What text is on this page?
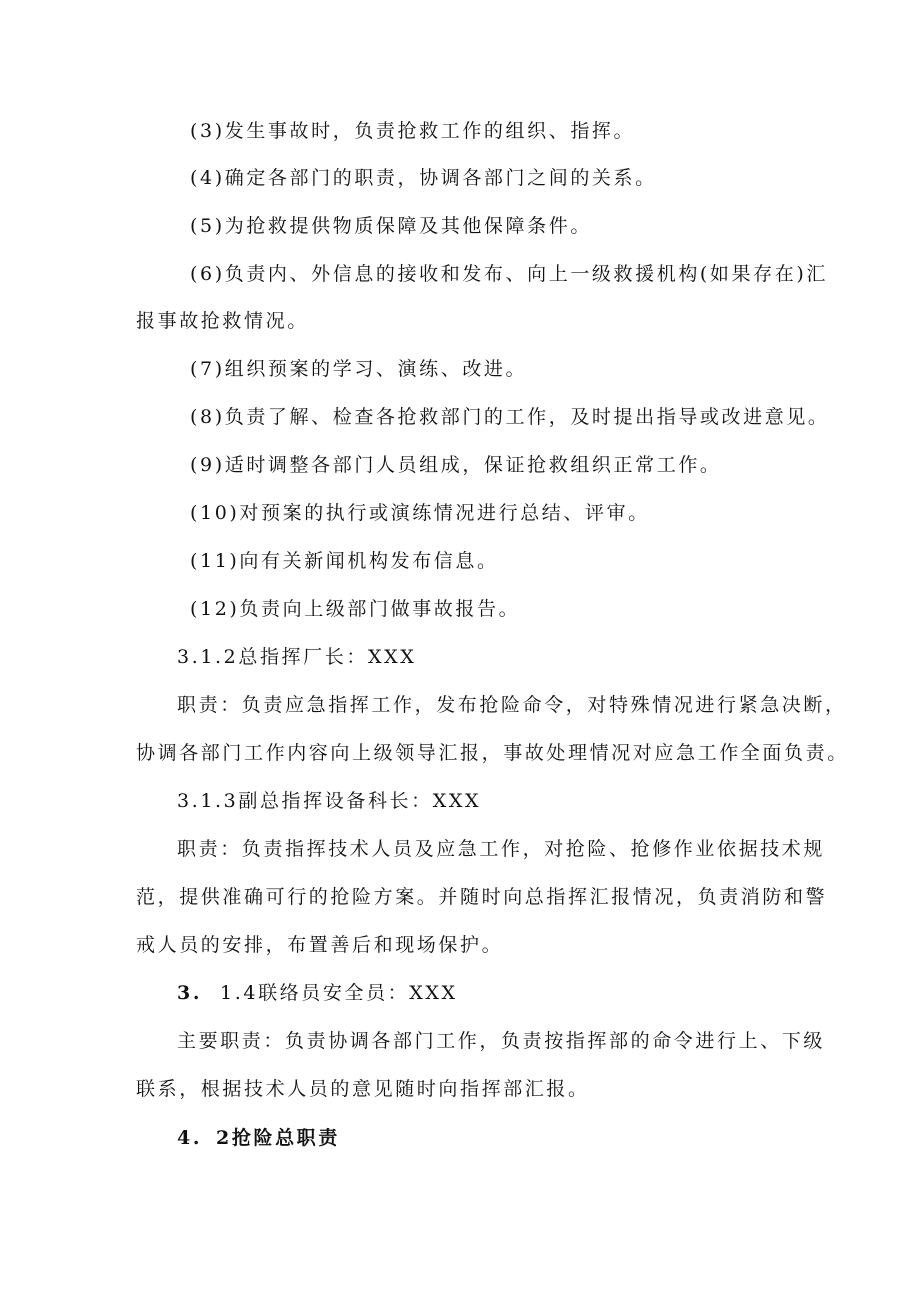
(3)发生事故时，负责抢救工作的组织、指挥。
(4)确定各部门的职责，协调各部门之间的关系。
(5)为抢救提供物质保障及其他保障条件。
(6)负责内、外信息的接收和发布、向上一级救援机构(如果存在)汇
报事故抢救情况。
(7)组织预案的学习、演练、改进。
(8)负责了解、检查各抢救部门的工作，及时提出指导或改进意见。
(9)适时调整各部门人员组成，保证抢救组织正常工作。
(10)对预案的执行或演练情况进行总结、评审。
(11)向有关新闻机构发布信息。
(12)负责向上级部门做事故报告。
3.1.2总指挥厂长：XXX
职责：负责应急指挥工作，发布抢险命令，对特殊情况进行紧急决断，
协调各部门工作内容向上级领导汇报，事故处理情况对应急工作全面负责。
3.1.3副总指挥设备科长：XXX
职责：负责指挥技术人员及应急工作，对抢险、抢修作业依据技术规
范，提供准确可行的抢险方案。并随时向总指挥汇报情况，负责消防和警
戒人员的安排，布置善后和现场保护。
3. 1.4联络员安全员：XXX
主要职责：负责协调各部门工作，负责按指挥部的命令进行上、下级
联系，根据技术人员的意见随时向指挥部汇报。
4. 2抢险总职责
